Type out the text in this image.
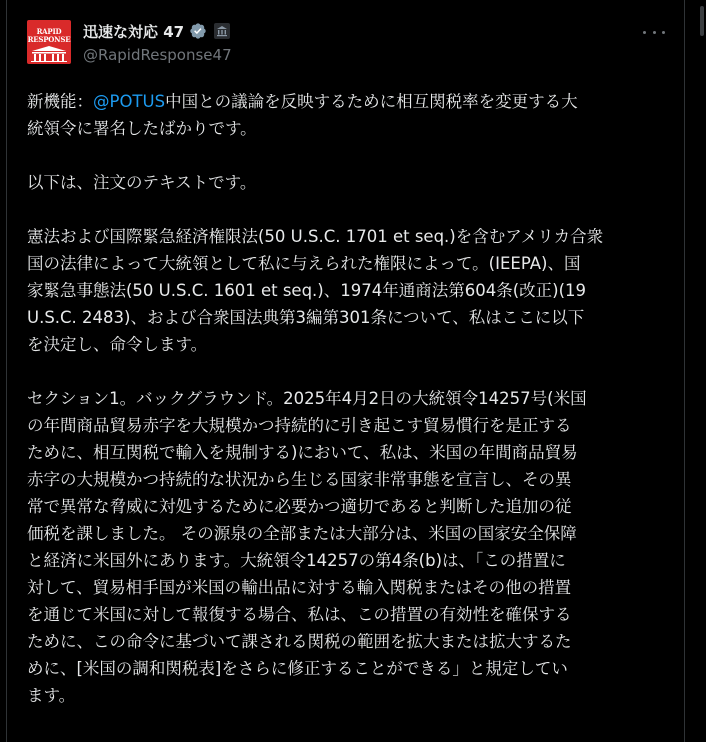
RAPID
RESPONSE 迅速な対応 47
@RapidResponse47

新機能：@POTUS中国との議論を反映するために相互関税率を変更する大
統領令に署名したばかりです。

以下は、注文のテキストです。

憲法および国際緊急経済権限法(50 U.S.C. 1701 et seq.)を含むアメリカ合衆
国の法律によって大統領として私に与えられた権限によって。(IEEPA)、国
家緊急事態法(50 U.S.C. 1601 et seq.)、1974年通商法第604条(改正)(19
U.S.C. 2483)、および合衆国法典第3編第301条について、私はここに以下
を決定し、命令します。

セクション1。バックグラウンド。2025年4月2日の大統領令14257号(米国
の年間商品貿易赤字を大規模かつ持続的に引き起こす貿易慣行を是正する
ために、相互関税で輸入を規制する)において、私は、米国の年間商品貿易
赤字の大規模かつ持続的な状況から生じる国家非常事態を宣言し、その異
常で異常な脅威に対処するために必要かつ適切であると判断した追加の従
価税を課しました。 その源泉の全部または大部分は、米国の国家安全保障
と経済に米国外にあります。大統領令14257の第4条(b)は、「この措置に
対して、貿易相手国が米国の輸出品に対する輸入関税またはその他の措置
を通じて米国に対して報復する場合、私は、この措置の有効性を確保する
ために、この命令に基づいて課される関税の範囲を拡大または拡大するた
めに、[米国の調和関税表]をさらに修正することができる」と規定してい
ます。
